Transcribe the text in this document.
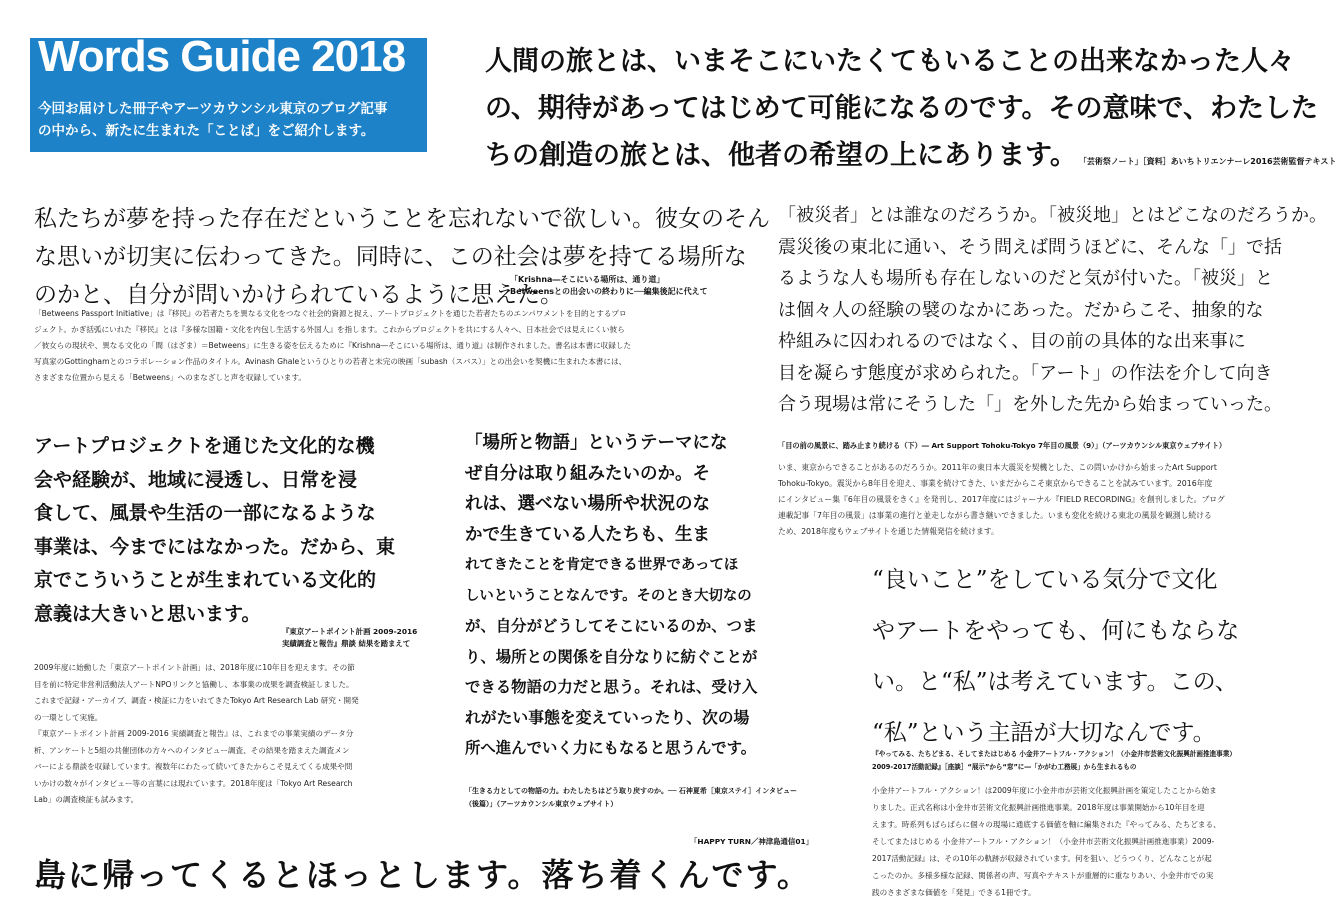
Words Guide 2018
今回お届けした冊子やアーツカウンシル東京のブログ記事
の中から、新たに生まれた「ことば」をご紹介します。
人間の旅とは、いまそこにいたくてもいることの出来なかった人々
の、期待があってはじめて可能になるのです。その意味で、わたした
ちの創造の旅とは、他者の希望の上にあります。 「芸術祭ノート」［資料］あいちトリエンナーレ2016芸術監督テキスト
私たちが夢を持った存在だということを忘れないで欲しい。彼女のそん
な思いが切実に伝わってきた。同時に、この社会は夢を持てる場所な
のかと、自分が問いかけられているように思えた。
「Krishna―そこにいる場所は、通り道」
Betweensとの出会いの終わりに──編集後記に代えて
「Betweens Passport Initiative」は『移民』の若者たちを異なる文化をつなぐ社会的資源と捉え、アートプロジェクトを通じた若者たちのエンパワメントを目的とするプロ
ジェクト。かぎ括弧にいれた『移民』とは『多様な国籍・文化を内包し生活する外国人』を指します。これからプロジェクトを共にする人々へ、日本社会では見えにくい彼ら
／彼女らの現状や、異なる文化の「間（はざま）＝Betweens」に生きる姿を伝えるために『Krishna―そこにいる場所は、通り道』は制作されました。書名は本書に収録した
写真家のGottinghamとのコラボレーション作品のタイトル。Avinash Ghaleというひとりの若者と未完の映画「subash（スバス）」との出会いを契機に生まれた本書には、
さまざまな位置から見える「Betweens」へのまなざしと声を収録しています。
「被災者」とは誰なのだろうか。「被災地」とはどこなのだろうか。
震災後の東北に通い、そう問えば問うほどに、そんな「」で括
るような人も場所も存在しないのだと気が付いた。「被災」と
は個々人の経験の襞のなかにあった。だからこそ、抽象的な
枠組みに囚われるのではなく、目の前の具体的な出来事に
目を凝らす態度が求められた。「アート」の作法を介して向き
合う現場は常にそうした「」を外した先から始まっていった。
「目の前の風景に、踏み止まり続ける（下）― Art Support Tohoku-Tokyo 7年目の風景（9）」（アーツカウンシル東京ウェブサイト）
いま、東京からできることがあるのだろうか。2011年の東日本大震災を契機とした、この問いかけから始まったArt Support
Tohoku-Tokyo。震災から8年目を迎え、事業を続けてきた、いまだからこそ東京からできることを試みています。2016年度
にインタビュー集『6年目の風景をきく』を発刊し、2017年度にはジャーナル『FIELD RECORDING』を創刊しました。ブログ
連載記事「7年目の風景」は事業の進行と並走しながら書き継いできました。いまも変化を続ける東北の風景を観測し続ける
ため、2018年度もウェブサイトを通じた情報発信を続けます。
アートプロジェクトを通じた文化的な機
会や経験が、地域に浸透し、日常を浸
食して、風景や生活の一部になるような
事業は、今までにはなかった。だから、東
京でこういうことが生まれている文化的
意義は大きいと思います。
『東京アートポイント計画 2009-2016
実績調査と報告』鼎談 結果を踏まえて
2009年度に始動した「東京アートポイント計画」は、2018年度に10年目を迎えます。その節
目を前に特定非営利活動法人アートNPOリンクと協働し、本事業の成果を調査検証しました。
これまで記録・アーカイブ、調査・検証に力をいれてきたTokyo Art Research Lab 研究・開発
の一環として実施。
『東京アートポイント計画 2009-2016 実績調査と報告』は、これまでの事業実績のデータ分
析、アンケートと5組の共催団体の方々へのインタビュー調査、その結果を踏まえた調査メン
バーによる鼎談を収録しています。複数年にわたって続いてきたからこそ見えてくる成果や問
いかけの数々がインタビュー等の言葉には現れています。2018年度は「Tokyo Art Research
Lab」の調査検証も試みます。
「場所と物語」というテーマにな
ぜ自分は取り組みたいのか。そ
れは、選べない場所や状況のな
かで生きている人たちも、生ま
れてきたことを肯定できる世界であってほ
しいということなんです。そのとき大切なの
が、自分がどうしてそこにいるのか、つま
り、場所との関係を自分なりに紡ぐことが
できる物語の力だと思う。それは、受け入
れがたい事態を変えていったり、次の場
所へ進んでいく力にもなると思うんです。
「生きる力としての物語の力。わたしたちはどう取り戻すのか。── 石神夏希［東京ステイ］インタビュー
（後篇）」（アーツカウンシル東京ウェブサイト）
“良いこと”をしている気分で文化
やアートをやっても、何にもならな
い。と“私”は考えています。この、
“私”という主語が大切なんです。
『やってみる、たちどまる、そしてまたはじめる 小金井アートフル・アクション！（小金井市芸術文化振興計画推進事業）
2009-2017活動記録』［座談］“展示”から“窓”に―「かがわ工務展」から生まれるもの
小金井アートフル・アクション！は2009年度に小金井市が芸術文化振興計画を策定したことから始ま
りました。正式名称は小金井市芸術文化振興計画推進事業。2018年度は事業開始から10年目を迎
えます。時系列もばらばらに個々の現場に通底する価値を軸に編集された『やってみる、たちどまる、
そしてまたはじめる 小金井アートフル・アクション！（小金井市芸術文化振興計画推進事業）2009-
2017活動記録』は、その10年の軌跡が収録されています。何を狙い、どうつくり、どんなことが起
こったのか。多様多様な記録、関係者の声、写真やテキストが重層的に重なりあい、小金井市での実
践のさまざまな価値を「発見」できる1冊です。
「HAPPY TURN／神津島通信01」
島に帰ってくるとほっとします。落ち着くんです。
